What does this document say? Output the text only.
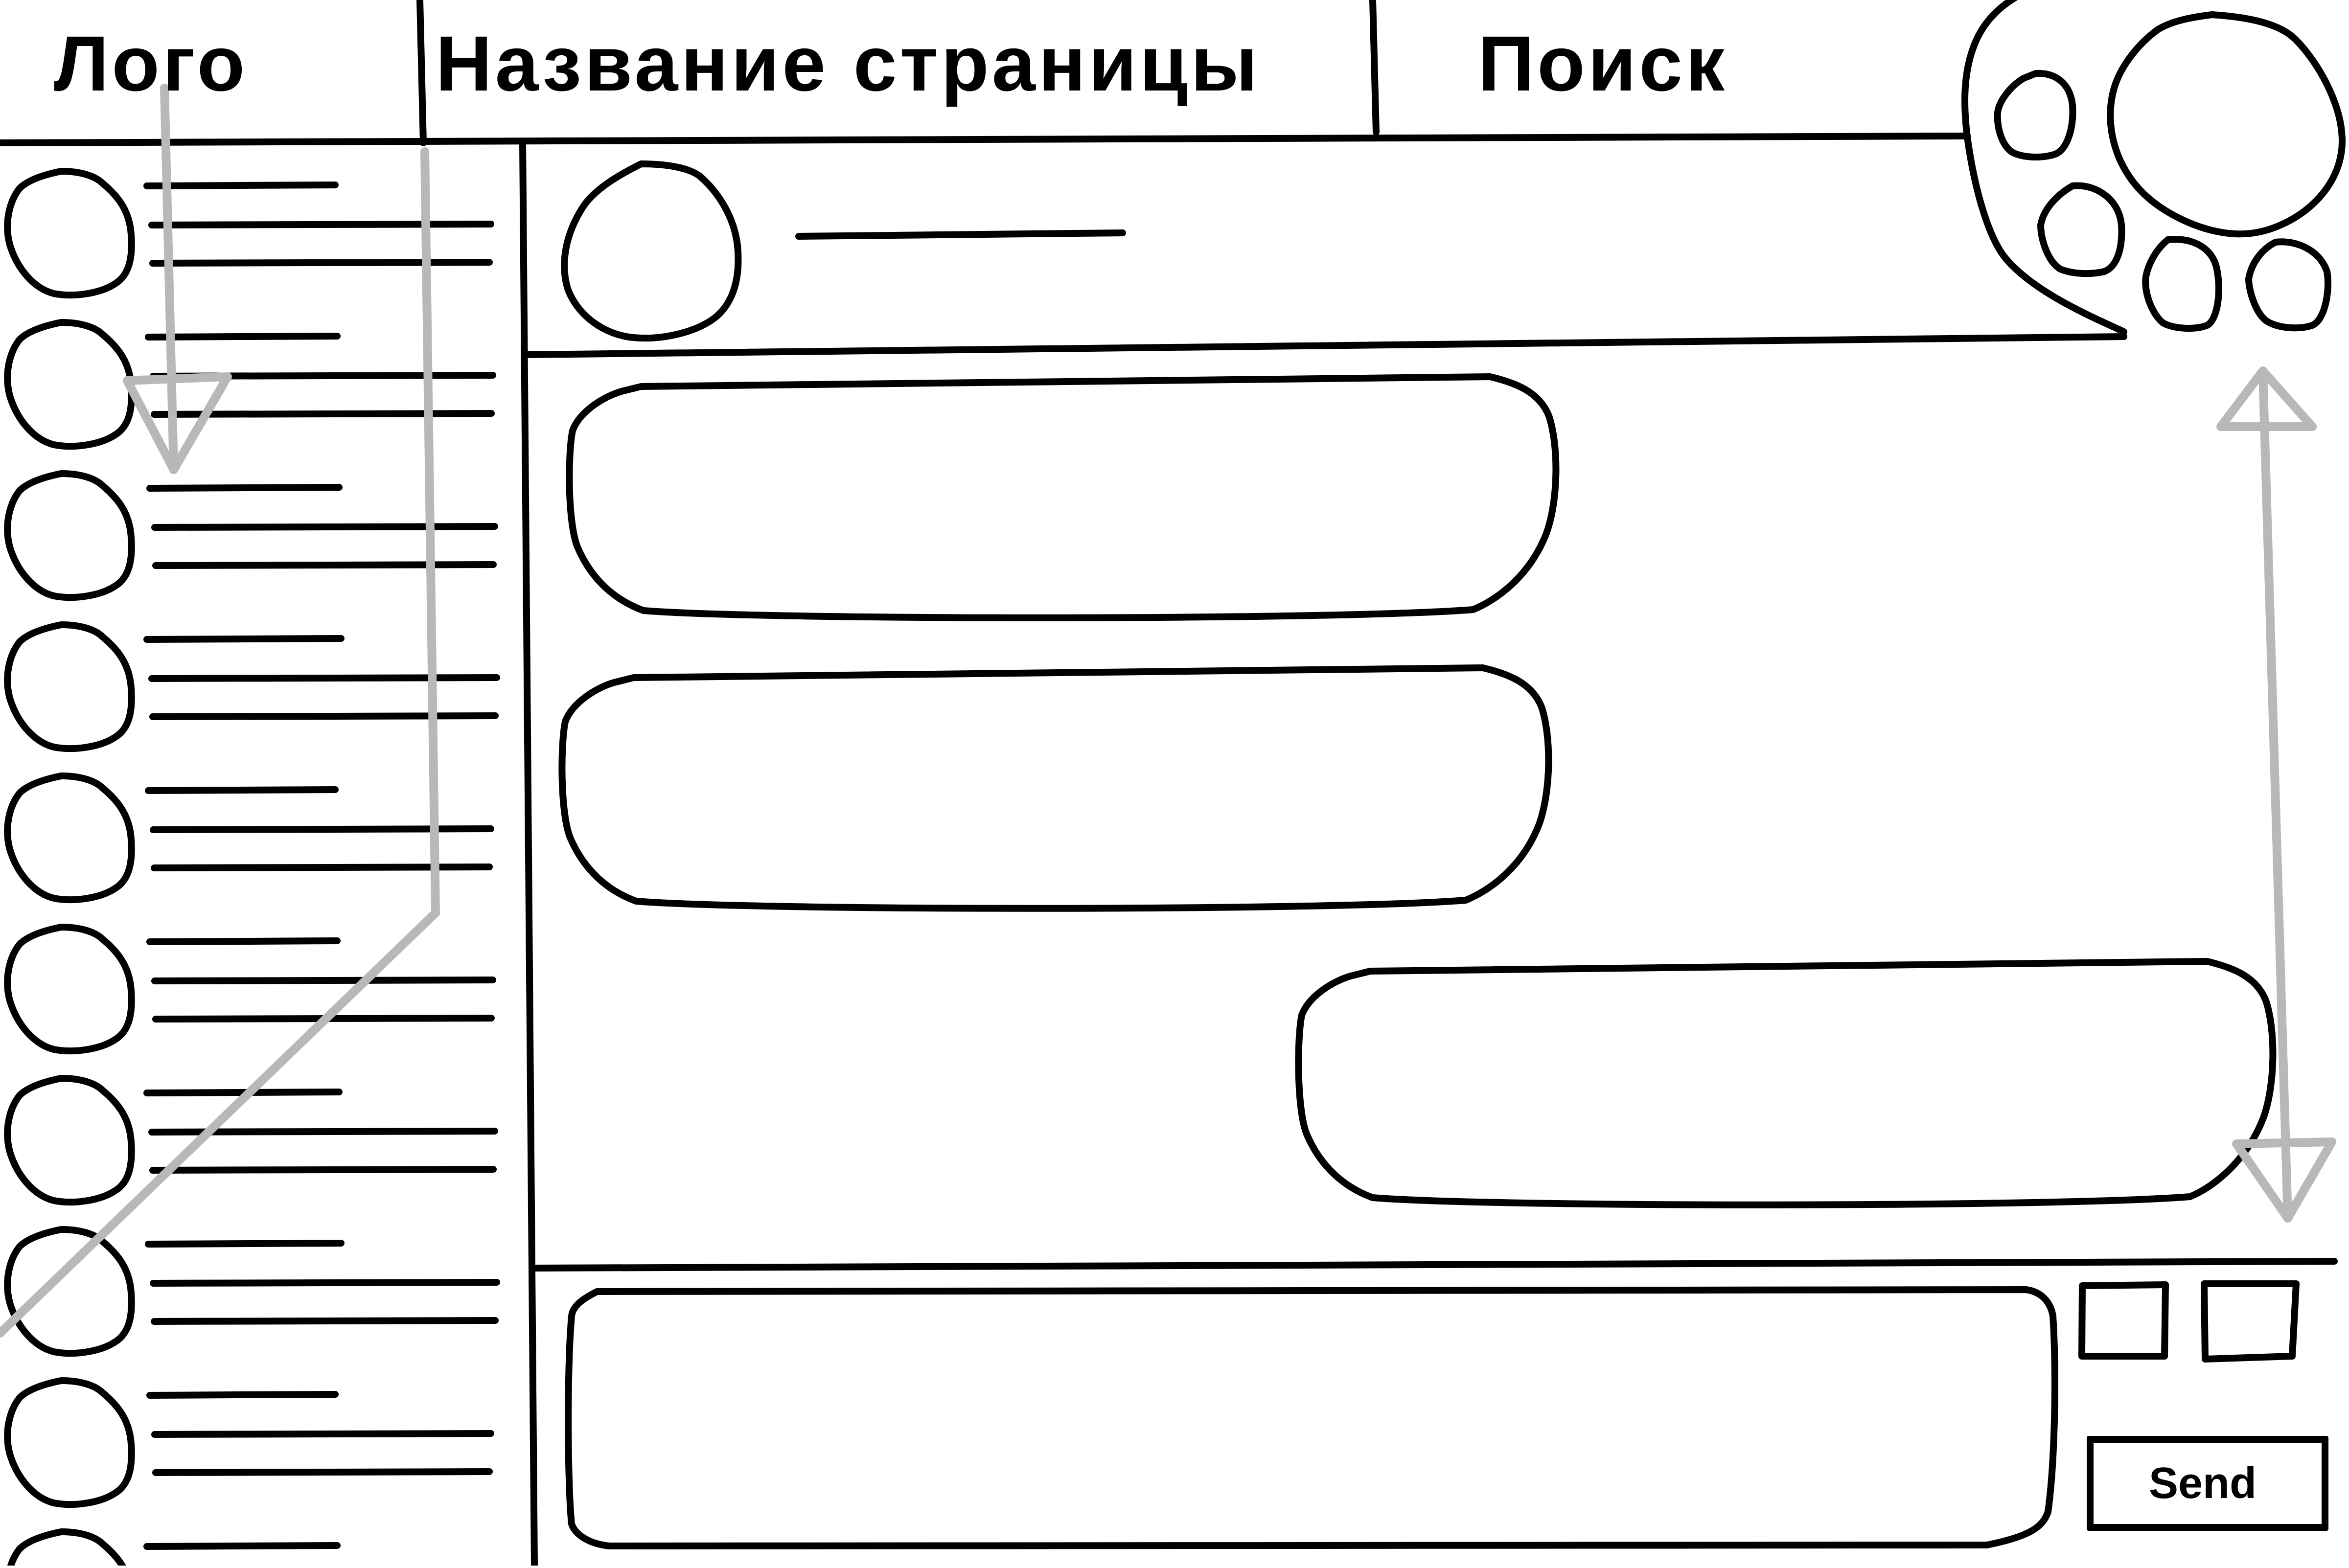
Лого Название страницы	Поиск
Send
